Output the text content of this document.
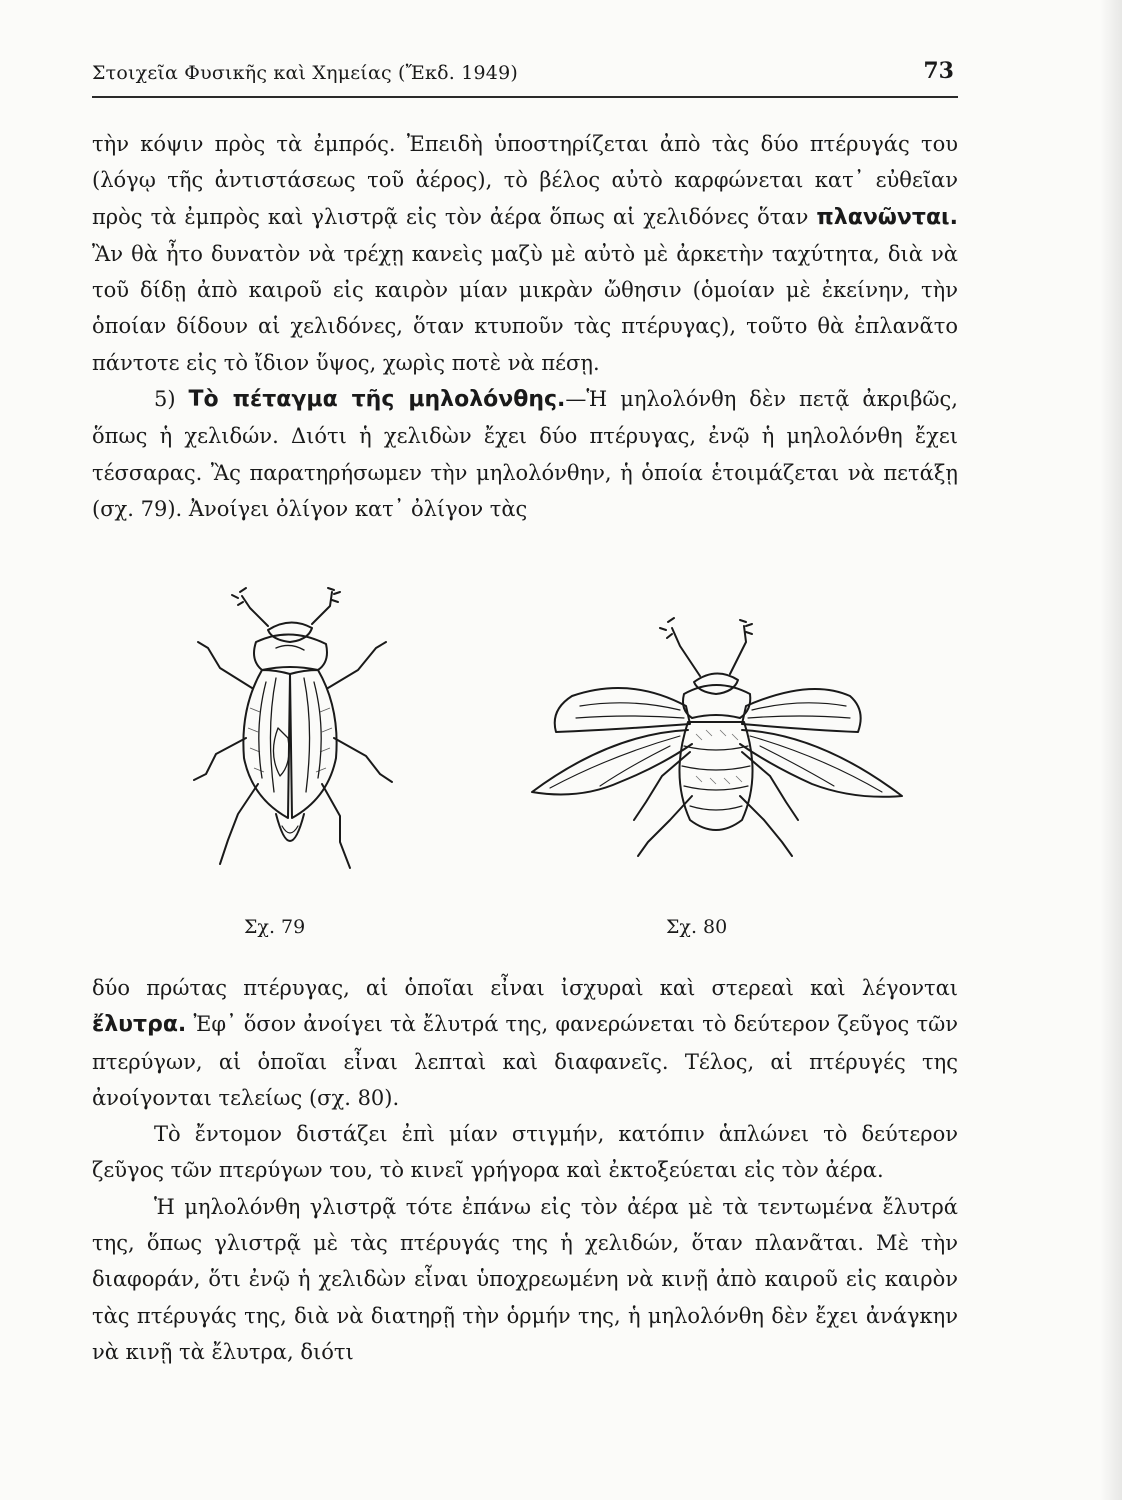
Στοιχεῖα Φυσικῆς καὶ Χημείας (Ἔκδ. 1949)	73

τὴν κόψιν πρὸς τὰ ἐμπρός. Ἐπειδὴ ὑποστηρίζεται ἀπὸ τὰς δύο πτέρυγάς του (λόγῳ τῆς ἀντιστάσεως τοῦ ἀέρος), τὸ βέλος αὐτὸ καρφώνεται κατ᾿ εὐθεῖαν πρὸς τὰ ἐμπρὸς καὶ γλιστρᾷ εἰς τὸν ἀέρα ὅπως αἱ χελιδόνες ὅταν πλανῶνται. Ἂν θὰ ἦτο δυνατὸν νὰ τρέχῃ κανεὶς μαζὺ μὲ αὐτὸ μὲ ἀρκετὴν ταχύτητα, διὰ νὰ τοῦ δίδῃ ἀπὸ καιροῦ εἰς καιρὸν μίαν μικρὰν ὤθησιν (ὁμοίαν μὲ ἐκείνην, τὴν ὁποίαν δίδουν αἱ χελιδόνες, ὅταν κτυποῦν τὰς πτέρυγας), τοῦτο θὰ ἐπλανᾶτο πάντοτε εἰς τὸ ἴδιον ὕψος, χωρὶς ποτὲ νὰ πέσῃ.

5) Τὸ πέταγμα τῆς μηλολόνθης.—Ἡ μηλολόνθη δὲν πετᾷ ἀκριβῶς, ὅπως ἡ χελιδών. Διότι ἡ χελιδὼν ἔχει δύο πτέρυγας, ἐνῷ ἡ μηλολόνθη ἔχει τέσσαρας. Ἂς παρατηρήσωμεν τὴν μηλολόνθην, ἡ ὁποία ἑτοιμάζεται νὰ πετάξῃ (σχ. 79). Ἀνοίγει ὀλίγον κατ᾿ ὀλίγον τὰς

Σχ. 79	Σχ. 80

δύο πρώτας πτέρυγας, αἱ ὁποῖαι εἶναι ἰσχυραὶ καὶ στερεαὶ καὶ λέγονται ἔλυτρα. Ἐφ᾿ ὅσον ἀνοίγει τὰ ἔλυτρά της, φανερώνεται τὸ δεύτερον ζεῦγος τῶν πτερύγων, αἱ ὁποῖαι εἶναι λεπταὶ καὶ διαφανεῖς. Τέλος, αἱ πτέρυγές της ἀνοίγονται τελείως (σχ. 80).

Τὸ ἔντομον διστάζει ἐπὶ μίαν στιγμήν, κατόπιν ἁπλώνει τὸ δεύτερον ζεῦγος τῶν πτερύγων του, τὸ κινεῖ γρήγορα καὶ ἐκτοξεύεται εἰς τὸν ἀέρα.

Ἡ μηλολόνθη γλιστρᾷ τότε ἐπάνω εἰς τὸν ἀέρα μὲ τὰ τεντωμένα ἔλυτρά της, ὅπως γλιστρᾷ μὲ τὰς πτέρυγάς της ἡ χελιδών, ὅταν πλανᾶται. Μὲ τὴν διαφοράν, ὅτι ἐνῷ ἡ χελιδὼν εἶναι ὑποχρεωμένη νὰ κινῇ ἀπὸ καιροῦ εἰς καιρὸν τὰς πτέρυγάς της, διὰ νὰ διατηρῇ τὴν ὁρμήν της, ἡ μηλολόνθη δὲν ἔχει ἀνάγκην νὰ κινῇ τὰ ἔλυτρα, διότι
